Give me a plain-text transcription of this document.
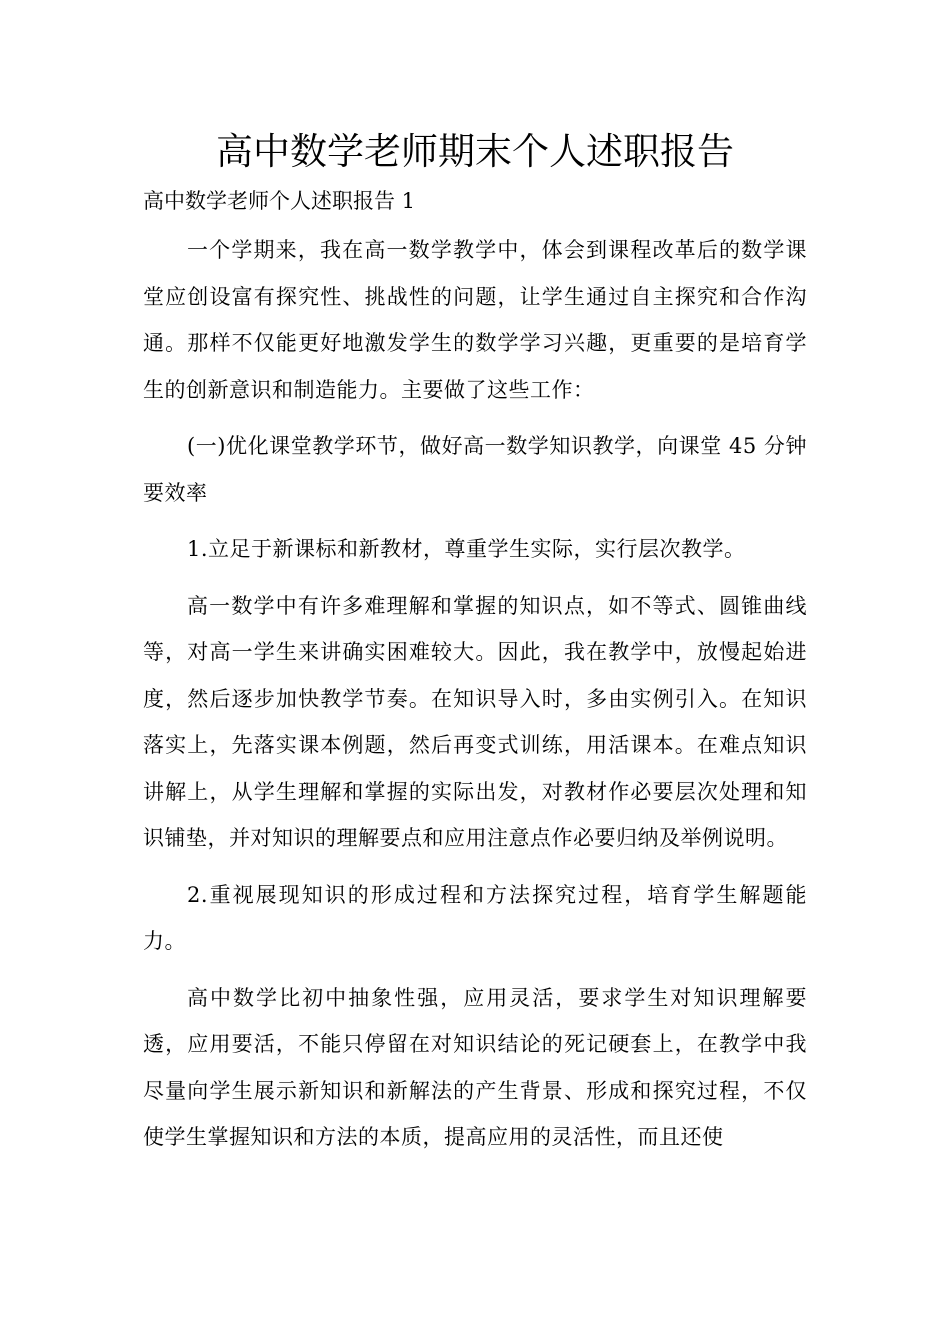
高中数学老师期末个人述职报告

高中数学老师个人述职报告 1

一个学期来，我在高一数学教学中，体会到课程改革后的数学课堂应创设富有探究性、挑战性的问题，让学生通过自主探究和合作沟通。那样不仅能更好地激发学生的数学学习兴趣，更重要的是培育学生的创新意识和制造能力。主要做了这些工作：

(一)优化课堂教学环节，做好高一数学知识教学，向课堂 45 分钟要效率

1.立足于新课标和新教材，尊重学生实际，实行层次教学。

高一数学中有许多难理解和掌握的知识点，如不等式、圆锥曲线等，对高一学生来讲确实困难较大。因此，我在教学中，放慢起始进度，然后逐步加快教学节奏。在知识导入时，多由实例引入。在知识落实上，先落实课本例题，然后再变式训练，用活课本。在难点知识讲解上，从学生理解和掌握的实际出发，对教材作必要层次处理和知识铺垫，并对知识的理解要点和应用注意点作必要归纳及举例说明。

2.重视展现知识的形成过程和方法探究过程，培育学生解题能力。

高中数学比初中抽象性强，应用灵活，要求学生对知识理解要透，应用要活，不能只停留在对知识结论的死记硬套上，在教学中我尽量向学生展示新知识和新解法的产生背景、形成和探究过程，不仅使学生掌握知识和方法的本质，提高应用的灵活性，而且还使
